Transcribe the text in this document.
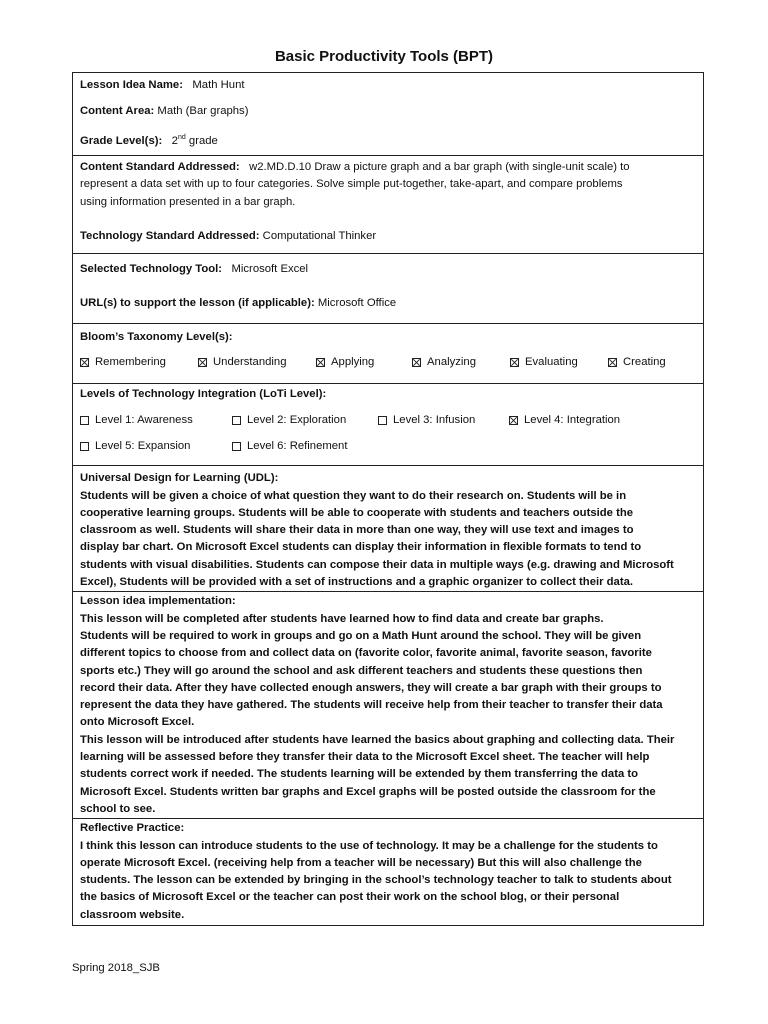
Basic Productivity Tools (BPT)
Lesson Idea Name: Math Hunt
Content Area: Math (Bar graphs)
Grade Level(s): 2nd grade
Content Standard Addressed: w2.MD.D.10 Draw a picture graph and a bar graph (with single-unit scale) to
represent a data set with up to four categories. Solve simple put-together, take-apart, and compare problems
using information presented in a bar graph.
Technology Standard Addressed: Computational Thinker
Selected Technology Tool: Microsoft Excel
URL(s) to support the lesson (if applicable): Microsoft Office
Bloom’s Taxonomy Level(s):
Remembering	Understanding	Applying	Analyzing	Evaluating	Creating
Levels of Technology Integration (LoTi Level):
Level 1: Awareness	Level 2: Exploration	Level 3: Infusion	Level 4: Integration
Level 5: Expansion	Level 6: Refinement
Universal Design for Learning (UDL):
Students will be given a choice of what question they want to do their research on. Students will be in
cooperative learning groups. Students will be able to cooperate with students and teachers outside the
classroom as well. Students will share their data in more than one way, they will use text and images to
display bar chart. On Microsoft Excel students can display their information in flexible formats to tend to
students with visual disabilities. Students can compose their data in multiple ways (e.g. drawing and Microsoft
Excel), Students will be provided with a set of instructions and a graphic organizer to collect their data.
Lesson idea implementation:
This lesson will be completed after students have learned how to find data and create bar graphs.
Students will be required to work in groups and go on a Math Hunt around the school. They will be given
different topics to choose from and collect data on (favorite color, favorite animal, favorite season, favorite
sports etc.) They will go around the school and ask different teachers and students these questions then
record their data. After they have collected enough answers, they will create a bar graph with their groups to
represent the data they have gathered. The students will receive help from their teacher to transfer their data
onto Microsoft Excel.
This lesson will be introduced after students have learned the basics about graphing and collecting data. Their
learning will be assessed before they transfer their data to the Microsoft Excel sheet. The teacher will help
students correct work if needed. The students learning will be extended by them transferring the data to
Microsoft Excel. Students written bar graphs and Excel graphs will be posted outside the classroom for the
school to see.
Reflective Practice:
I think this lesson can introduce students to the use of technology. It may be a challenge for the students to
operate Microsoft Excel. (receiving help from a teacher will be necessary) But this will also challenge the
students. The lesson can be extended by bringing in the school’s technology teacher to talk to students about
the basics of Microsoft Excel or the teacher can post their work on the school blog, or their personal
classroom website.
Spring 2018_SJB
